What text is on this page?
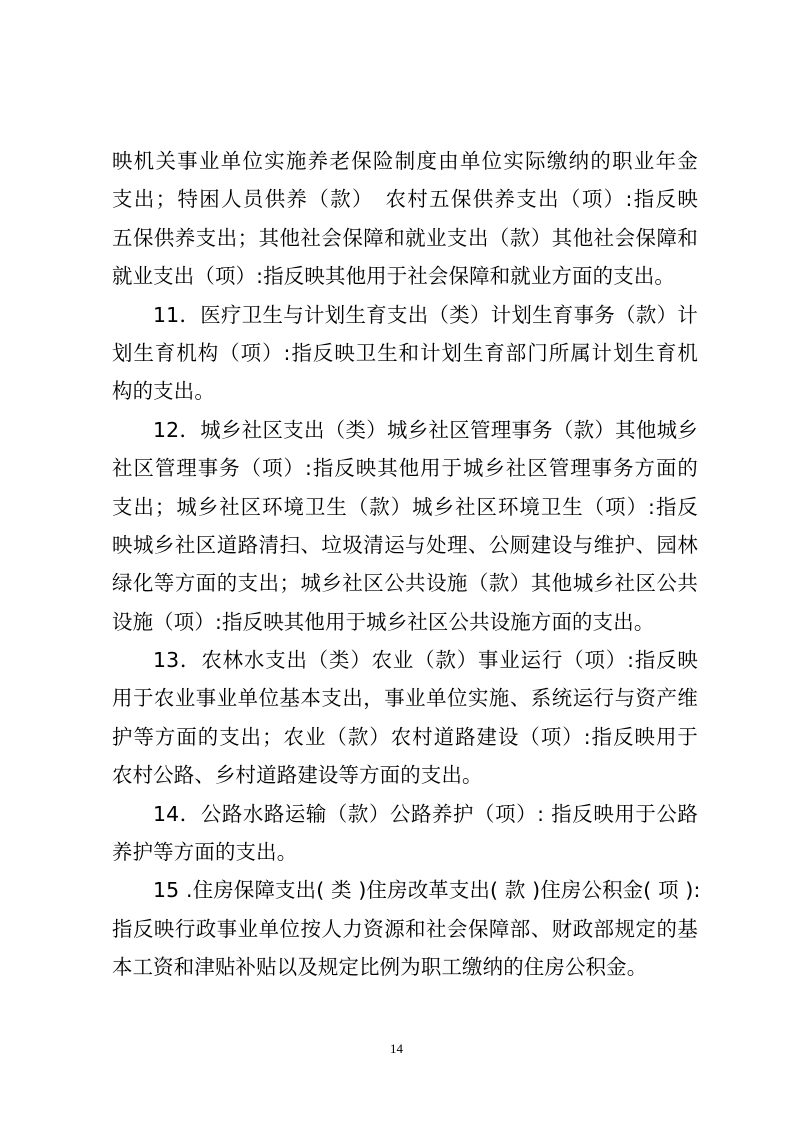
映机关事业单位实施养老保险制度由单位实际缴纳的职业年金
支出；特困人员供养（款）　农村五保供养支出（项）:指反映
五保供养支出；其他社会保障和就业支出（款）其他社会保障和
就业支出（项）:指反映其他用于社会保障和就业方面的支出。
11．医疗卫生与计划生育支出（类）计划生育事务（款）计
划生育机构（项）:指反映卫生和计划生育部门所属计划生育机
构的支出。
12．城乡社区支出（类）城乡社区管理事务（款）其他城乡
社区管理事务（项）:指反映其他用于城乡社区管理事务方面的
支出；城乡社区环境卫生（款）城乡社区环境卫生（项）:指反
映城乡社区道路清扫、垃圾清运与处理、公厕建设与维护、园林
绿化等方面的支出；城乡社区公共设施（款）其他城乡社区公共
设施（项）:指反映其他用于城乡社区公共设施方面的支出。
13．农林水支出（类）农业（款）事业运行（项）:指反映
用于农业事业单位基本支出，事业单位实施、系统运行与资产维
护等方面的支出；农业（款）农村道路建设（项）:指反映用于
农村公路、乡村道路建设等方面的支出。
14．公路水路运输（款）公路养护（项）: 指反映用于公路
养护等方面的支出。
15 .住房保障支出( 类 )住房改革支出( 款 )住房公积金( 项 ):
指反映行政事业单位按人力资源和社会保障部、财政部规定的基
本工资和津贴补贴以及规定比例为职工缴纳的住房公积金。
14
